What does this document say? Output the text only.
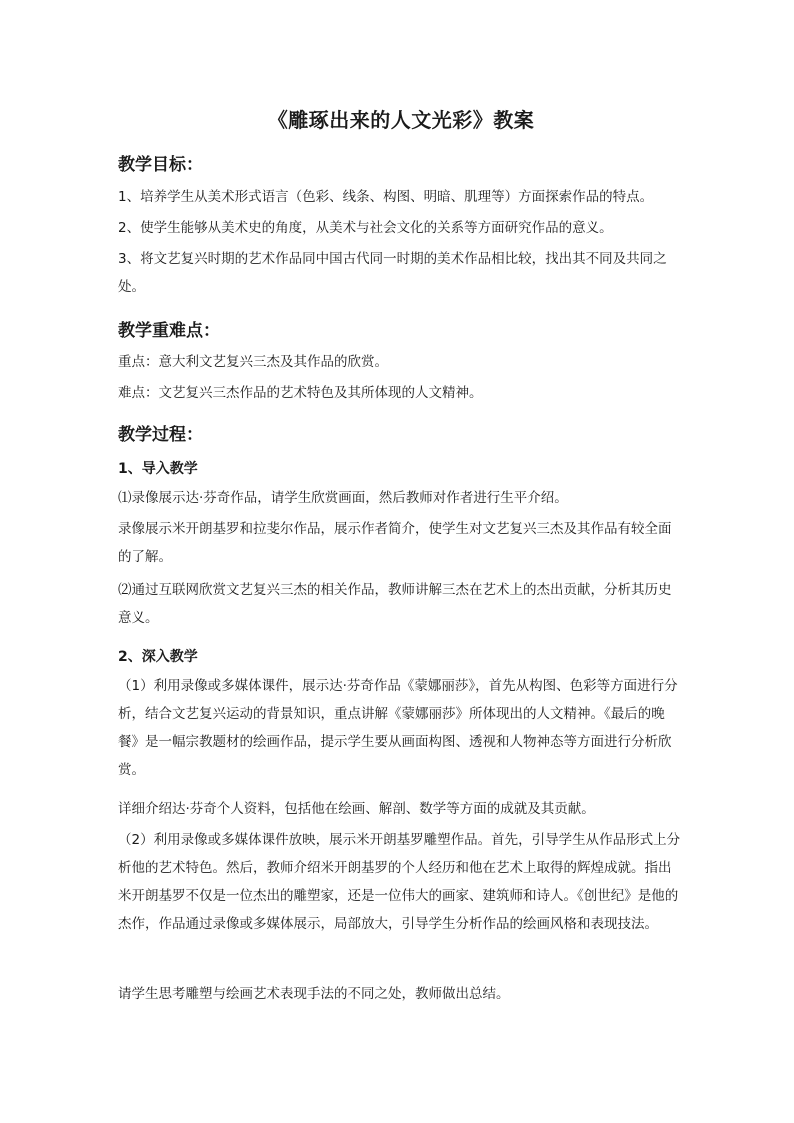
《雕琢出来的人文光彩》教案
教学目标：

1、培养学生从美术形式语言（色彩、线条、构图、明暗、肌理等）方面探索作品的特点。

2、使学生能够从美术史的角度，从美术与社会文化的关系等方面研究作品的意义。

3、将文艺复兴时期的艺术作品同中国古代同一时期的美术作品相比较，找出其不同及共同之处。

教学重难点：

重点：意大利文艺复兴三杰及其作品的欣赏。

难点：文艺复兴三杰作品的艺术特色及其所体现的人文精神。

教学过程：
1、导入教学

⑴录像展示达·芬奇作品，请学生欣赏画面，然后教师对作者进行生平介绍。

录像展示米开朗基罗和拉斐尔作品，展示作者简介，使学生对文艺复兴三杰及其作品有较全面的了解。

⑵通过互联网欣赏文艺复兴三杰的相关作品，教师讲解三杰在艺术上的杰出贡献，分析其历史意义。

2、深入教学

（1）利用录像或多媒体课件，展示达·芬奇作品《蒙娜丽莎》，首先从构图、色彩等方面进行分析，结合文艺复兴运动的背景知识，重点讲解《蒙娜丽莎》所体现出的人文精神。《最后的晚餐》是一幅宗教题材的绘画作品，提示学生要从画面构图、透视和人物神态等方面进行分析欣赏。

详细介绍达·芬奇个人资料，包括他在绘画、解剖、数学等方面的成就及其贡献。

（2）利用录像或多媒体课件放映，展示米开朗基罗雕塑作品。首先，引导学生从作品形式上分析他的艺术特色。然后，教师介绍米开朗基罗的个人经历和他在艺术上取得的辉煌成就。指出米开朗基罗不仅是一位杰出的雕塑家，还是一位伟大的画家、建筑师和诗人。《创世纪》是他的杰作，作品通过录像或多媒体展示，局部放大，引导学生分析作品的绘画风格和表现技法。

请学生思考雕塑与绘画艺术表现手法的不同之处，教师做出总结。
